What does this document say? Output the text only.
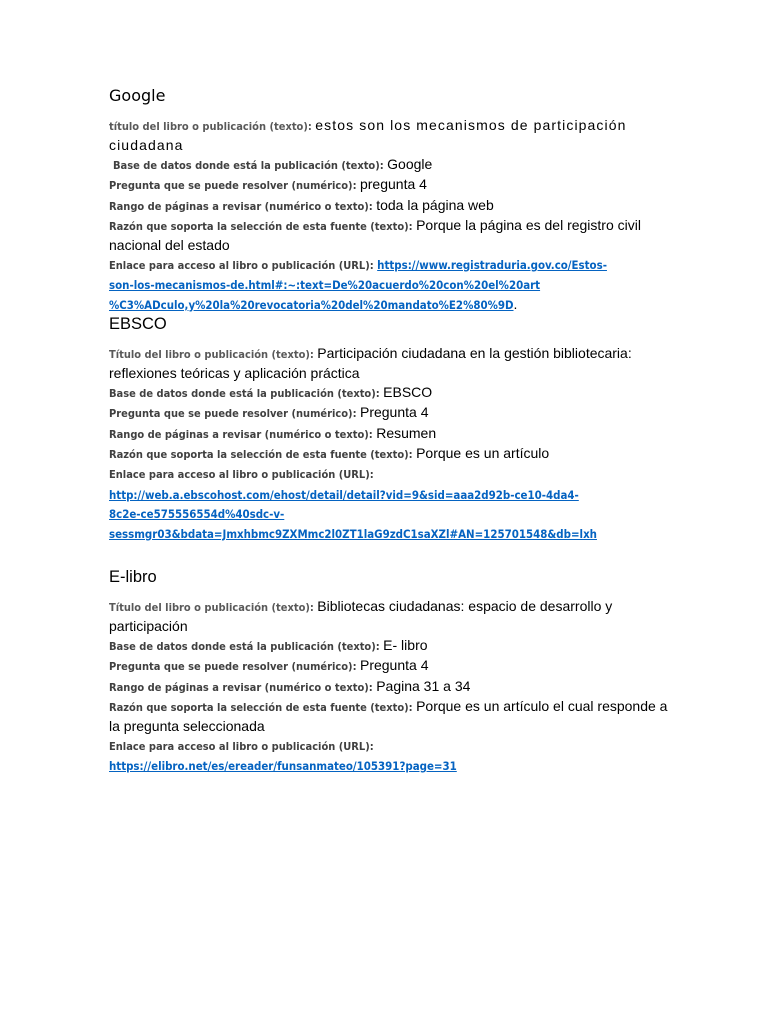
Google

título del libro o publicación (texto): estos son los mecanismos de participación ciudadana

Base de datos donde está la publicación (texto): Google

Pregunta que se puede resolver (numérico): pregunta 4

Rango de páginas a revisar (numérico o texto): toda la página web

Razón que soporta la selección de esta fuente (texto): Porque la página es del registro civil nacional del estado

Enlace para acceso al libro o publicación (URL): https://www.registraduria.gov.co/Estos-
son-los-mecanismos-de.html#:~:text=De%20acuerdo%20con%20el%20art
%C3%ADculo,y%20la%20revocatoria%20del%20mandato%E2%80%9D.

EBSCO

Título del libro o publicación (texto): Participación ciudadana en la gestión bibliotecaria: reflexiones teóricas y aplicación práctica

Base de datos donde está la publicación (texto): EBSCO

Pregunta que se puede resolver (numérico): Pregunta 4

Rango de páginas a revisar (numérico o texto): Resumen

Razón que soporta la selección de esta fuente (texto): Porque es un artículo

Enlace para acceso al libro o publicación (URL):

http://web.a.ebscohost.com/ehost/detail/detail?vid=9&sid=aaa2d92b-ce10-4da4-
8c2e-ce575556554d%40sdc-v-
sessmgr03&bdata=Jmxhbmc9ZXMmc2l0ZT1laG9zdC1saXZl#AN=125701548&db=lxh

E-libro

Título del libro o publicación (texto): Bibliotecas ciudadanas: espacio de desarrollo y participación

Base de datos donde está la publicación (texto): E- libro

Pregunta que se puede resolver (numérico): Pregunta 4

Rango de páginas a revisar (numérico o texto): Pagina 31 a 34

Razón que soporta la selección de esta fuente (texto): Porque es un artículo el cual responde a la pregunta seleccionada

Enlace para acceso al libro o publicación (URL):

https://elibro.net/es/ereader/funsanmateo/105391?page=31
